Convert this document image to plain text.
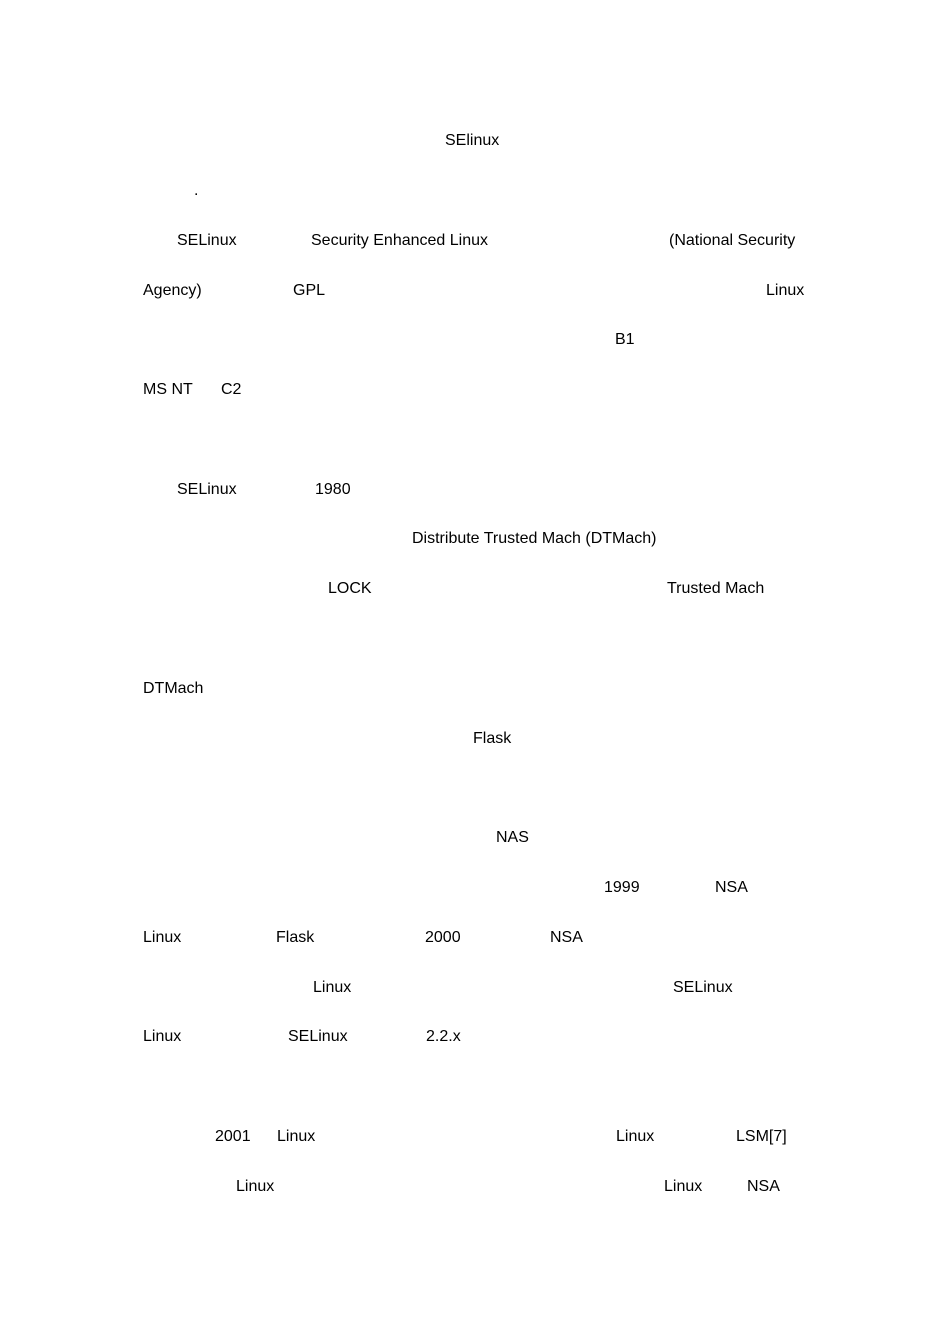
SElinux
.
SELinux	Security Enhanced Linux	(National Security
Agency)	GPL	Linux
B1
MS NT C2
SELinux	1980
Distribute Trusted Mach (DTMach)
LOCK	Trusted Mach
DTMach
Flask
NAS
1999	NSA
Linux	Flask	2000	NSA
Linux	SELinux
Linux	SELinux	2.2.x
2001 Linux	Linux	LSM[7]
Linux	Linux	NSA
